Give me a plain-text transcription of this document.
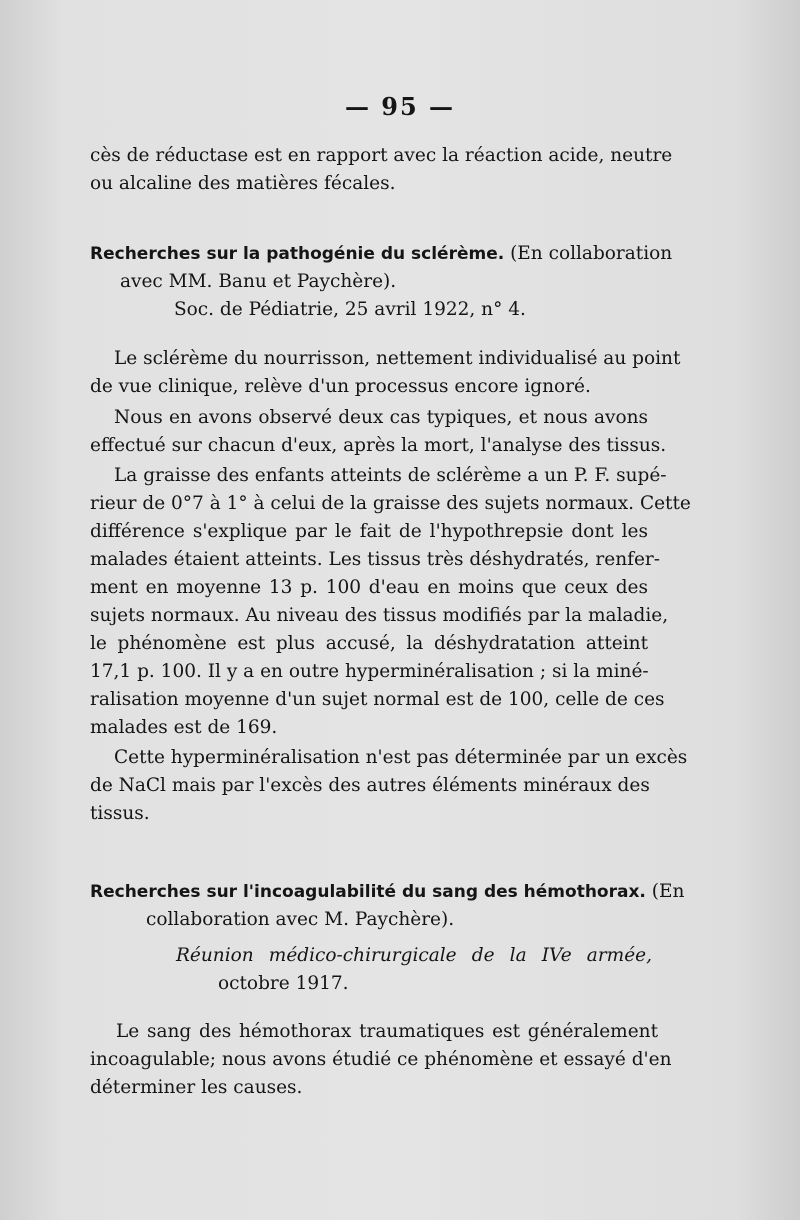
— 95 —
cès de réductase est en rapport avec la réaction acide, neutre
ou alcaline des matières fécales.
Recherches sur la pathogénie du sclérème. (En collaboration
avec MM. Banu et Paychère).
Soc. de Pédiatrie, 25 avril 1922, n° 4.
Le sclérème du nourrisson, nettement individualisé au point
de vue clinique, relève d'un processus encore ignoré.
Nous en avons observé deux cas typiques, et nous avons
effectué sur chacun d'eux, après la mort, l'analyse des tissus.
La graisse des enfants atteints de sclérème a un P. F. supé-
rieur de 0°7 à 1° à celui de la graisse des sujets normaux. Cette
différence s'explique par le fait de l'hypothrepsie dont les
malades étaient atteints. Les tissus très déshydratés, renfer-
ment en moyenne 13 p. 100 d'eau en moins que ceux des
sujets normaux. Au niveau des tissus modifiés par la maladie,
le phénomène est plus accusé, la déshydratation atteint
17,1 p. 100. Il y a en outre hyperminéralisation ; si la miné-
ralisation moyenne d'un sujet normal est de 100, celle de ces
malades est de 169.
Cette hyperminéralisation n'est pas déterminée par un excès
de NaCl mais par l'excès des autres éléments minéraux des
tissus.
Recherches sur l'incoagulabilité du sang des hémothorax. (En
collaboration avec M. Paychère).
Réunion médico-chirurgicale de la IVe armée,
octobre 1917.
Le sang des hémothorax traumatiques est généralement
incoagulable; nous avons étudié ce phénomène et essayé d'en
déterminer les causes.
